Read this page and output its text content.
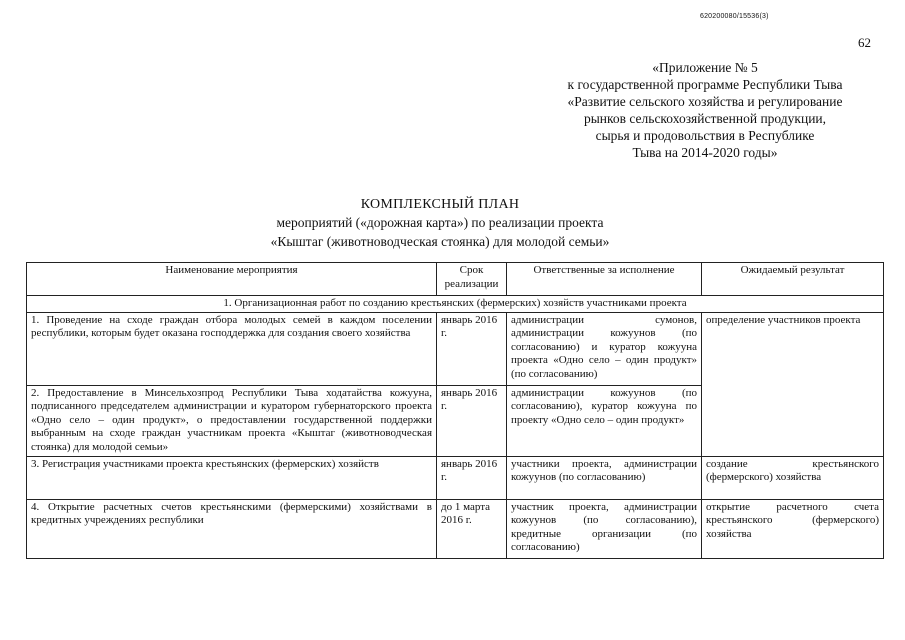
620200080/15536(3)
62
«Приложение № 5
к государственной программе Республики Тыва
«Развитие сельского хозяйства и регулирование
рынков сельскохозяйственной продукции,
сырья и продовольствия в Республике
Тыва на 2014-2020 годы»
КОМПЛЕКСНЫЙ ПЛАН
мероприятий («дорожная карта») по реализации проекта
«Кыштаг (животноводческая стоянка) для молодой семьи»
Наименование мероприятия	Срок реализации	Ответственные за исполнение	Ожидаемый результат
1. Организационная работ по созданию крестьянских (фермерских) хозяйств участниками проекта			
1. Проведение на сходе граждан отбора молодых семей в каждом поселении республики, которым будет оказана господдержка для создания своего хозяйства	январь 2016 г.	администрации сумонов, администрации кожуунов (по согласованию) и куратор кожууна проекта «Одно село – один продукт» (по согласованию)	определение участников проекта
2. Предоставление в Минсельхозпрод Республики Тыва ходатайства кожууна, подписанного председателем администрации и куратором губернаторского проекта «Одно село – один продукт», о предоставлении государственной поддержки выбранным на сходе граждан участникам проекта «Кыштаг (животноводческая стоянка) для молодой семьи»	январь 2016 г.	администрации кожуунов (по согласованию), куратор кожууна по проекту «Одно село – один продукт»	
3. Регистрация участниками проекта крестьянских (фермерских) хозяйств	январь 2016 г.	участники проекта, администрации кожуунов (по согласованию)	создание крестьянского (фермерского) хозяйства
4. Открытие расчетных счетов крестьянскими (фермерскими) хозяйствами в кредитных учреждениях республики	до 1 марта 2016 г.	участник проекта, администрации кожуунов (по согласованию), кредитные организации (по согласованию)	открытие расчетного счета крестьянского (фермерского) хозяйства
